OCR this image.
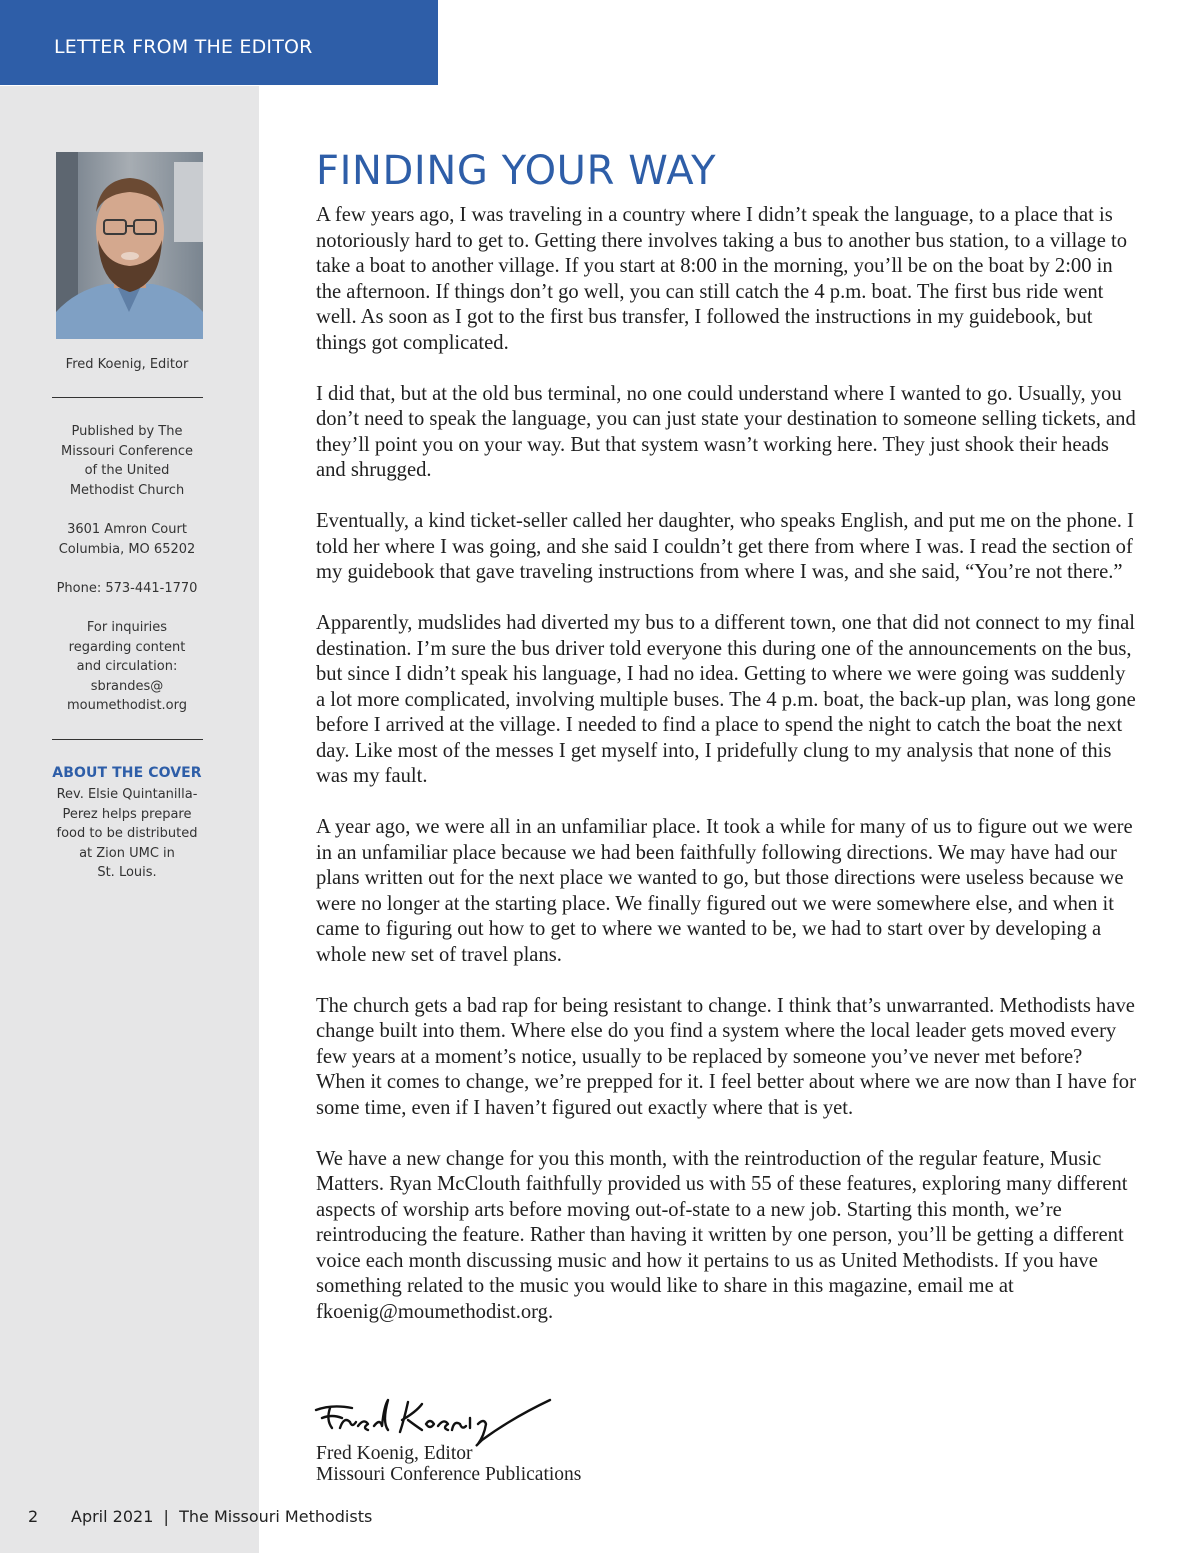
LETTER FROM THE EDITOR
Fred Koenig, Editor
Published by The
Missouri Conference
of the United
Methodist Church
3601 Amron Court
Columbia, MO 65202
Phone: 573-441-1770
For inquiries
regarding content
and circulation:
sbrandes@
moumethodist.org
ABOUT THE COVER
Rev. Elsie Quintanilla-
Perez helps prepare
food to be distributed
at Zion UMC in
St. Louis.
FINDING YOUR WAY

A few years ago, I was traveling in a country where I didn’t speak the language, to a place that is notoriously hard to get to. Getting there involves taking a bus to another bus station, to a village to take a boat to another village. If you start at 8:00 in the morning, you’ll be on the boat by 2:00 in the afternoon. If things don’t go well, you can still catch the 4 p.m. boat. The first bus ride went well. As soon as I got to the first bus transfer, I followed the instructions in my guidebook, but things got complicated.

I did that, but at the old bus terminal, no one could understand where I wanted to go. Usually, you don’t need to speak the language, you can just state your destination to someone selling tickets, and they’ll point you on your way. But that system wasn’t working here. They just shook their heads and shrugged.

Eventually, a kind ticket-seller called her daughter, who speaks English, and put me on the phone. I told her where I was going, and she said I couldn’t get there from where I was. I read the section of my guidebook that gave traveling instructions from where I was, and she said, “You’re not there.”

Apparently, mudslides had diverted my bus to a different town, one that did not connect to my final destination. I’m sure the bus driver told everyone this during one of the announcements on the bus, but since I didn’t speak his language, I had no idea. Getting to where we were going was suddenly a lot more complicated, involving multiple buses. The 4 p.m. boat, the back-up plan, was long gone before I arrived at the village. I needed to find a place to spend the night to catch the boat the next day. Like most of the messes I get myself into, I pridefully clung to my analysis that none of this was my fault.

A year ago, we were all in an unfamiliar place. It took a while for many of us to figure out we were in an unfamiliar place because we had been faithfully following directions. We may have had our plans written out for the next place we wanted to go, but those directions were useless because we were no longer at the starting place. We finally figured out we were somewhere else, and when it came to figuring out how to get to where we wanted to be, we had to start over by developing a whole new set of travel plans.

The church gets a bad rap for being resistant to change. I think that’s unwarranted. Methodists have change built into them. Where else do you find a system where the local leader gets moved every few years at a moment’s notice, usually to be replaced by someone you’ve never met before? When it comes to change, we’re prepped for it. I feel better about where we are now than I have for some time, even if I haven’t figured out exactly where that is yet.

We have a new change for you this month, with the reintroduction of the regular feature, Music Matters. Ryan McClouth faithfully provided us with 55 of these features, exploring many different aspects of worship arts before moving out-of-state to a new job. Starting this month, we’re reintroducing the feature. Rather than having it written by one person, you’ll be getting a different voice each month discussing music and how it pertains to us as United Methodists. If you have something related to the music you would like to share in this magazine, email me at fkoenig@moumethodist.org.

Fred Koenig, Editor
Missouri Conference Publications
2 April 2021  |  The Missouri Methodists
